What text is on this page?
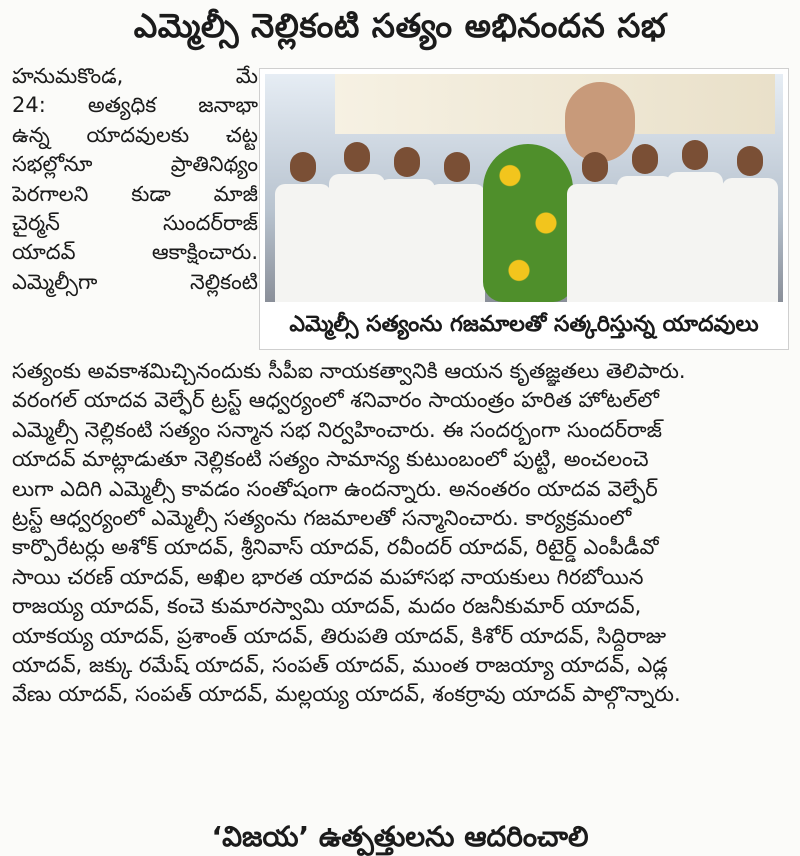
ఎమ్మెల్సీ నెల్లికంటి సత్యం అభినందన సభ
హనుమకొండ, మే
24: అత్యధిక జనాభా
ఉన్న యాదవులకు చట్ట
సభల్లోనూ ప్రాతినిథ్యం
పెరగాలని కుడా మాజీ
చైర్మన్ సుందర్‌రాజ్
యాదవ్ ఆకాక్షించారు.
ఎమ్మెల్సీగా నెల్లికంటి
ఎమ్మెల్సీ సత్యంను గజమాలతో సత్కరిస్తున్న యాదవులు
సత్యంకు అవకాశమిచ్చినందుకు సీపీఐ నాయకత్వానికి ఆయన కృతజ్ఞతలు తెలిపారు.
వరంగల్ యాదవ వెల్ఫేర్ ట్రస్ట్ ఆధ్వర్యంలో శనివారం సాయంత్రం హరిత హోటల్‌లో
ఎమ్మెల్సీ నెల్లికంటి సత్యం సన్మాన సభ నిర్వహించారు. ఈ సందర్భంగా సుందర్‌రాజ్
యాదవ్ మాట్లాడుతూ నెల్లికంటి సత్యం సామాన్య కుటుంబంలో పుట్టి, అంచలంచె
లుగా ఎదిగి ఎమ్మెల్సీ కావడం సంతోషంగా ఉందన్నారు. అనంతరం యాదవ వెల్ఫేర్
ట్రస్ట్ ఆధ్వర్యంలో ఎమ్మెల్సీ సత్యంను గజమాలతో సన్మానించారు. కార్యక్రమంలో
కార్పొరేటర్లు అశోక్ యాదవ్, శ్రీనివాస్ యాదవ్, రవీందర్ యాదవ్, రిటైర్డ్ ఎంపీడీవో
సాయి చరణ్ యాదవ్, అఖిల భారత యాదవ మహాసభ నాయకులు గిరబోయిన
రాజయ్య యాదవ్, కంచె కుమారస్వామి యాదవ్, మదం రజనీకుమార్ యాదవ్,
యాకయ్య యాదవ్, ప్రశాంత్ యాదవ్, తిరుపతి యాదవ్, కిశోర్ యాదవ్, సిద్ధిరాజు
యాదవ్, జక్కు రమేష్ యాదవ్, సంపత్ యాదవ్, ముంత రాజయ్యా యాదవ్, ఎడ్ల
వేణు యాదవ్, సంపత్ యాదవ్, మల్లయ్య యాదవ్, శంకర్రావు యాదవ్ పాల్గొన్నారు.
‘విజయ’ ఉత్పత్తులను ఆదరించాలి
